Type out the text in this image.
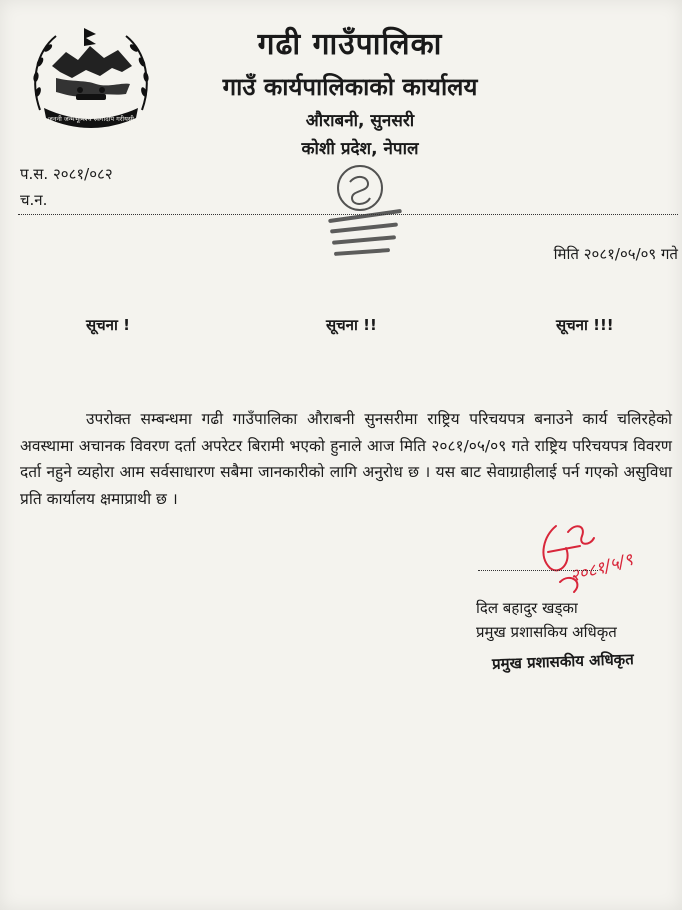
जननी जन्मभूमिश्च स्वर्गादपि गरीयसी
गढी गाउँपालिका
गाउँ कार्यपालिकाको कार्यालय
औराबनी, सुनसरी
कोशी प्रदेश, नेपाल
प.स. २०८१/०८२
च.न.
मिति २०८१/०५/०९ गते
सूचना !	सूचना !!	सूचना !!!
उपरोक्त सम्बन्धमा गढी गाउँपालिका औराबनी सुनसरीमा राष्ट्रिय परिचयपत्र बनाउने कार्य चलिरहेको अवस्थामा अचानक विवरण दर्ता अपरेटर बिरामी भएको हुनाले आज मिति २०८१/०५/०९ गते राष्ट्रिय परिचयपत्र विवरण दर्ता नहुने व्यहोरा आम सर्वसाधारण सबैमा जानकारीको लागि अनुरोध छ । यस बाट सेवाग्राहीलाई पर्न गएको असुविधा प्रति कार्यालय क्षमाप्राथी छ ।
२०८१/५/९
दिल बहादुर खड्का
प्रमुख प्रशासकिय अधिकृत
प्रमुख प्रशासकीय अधिकृत
